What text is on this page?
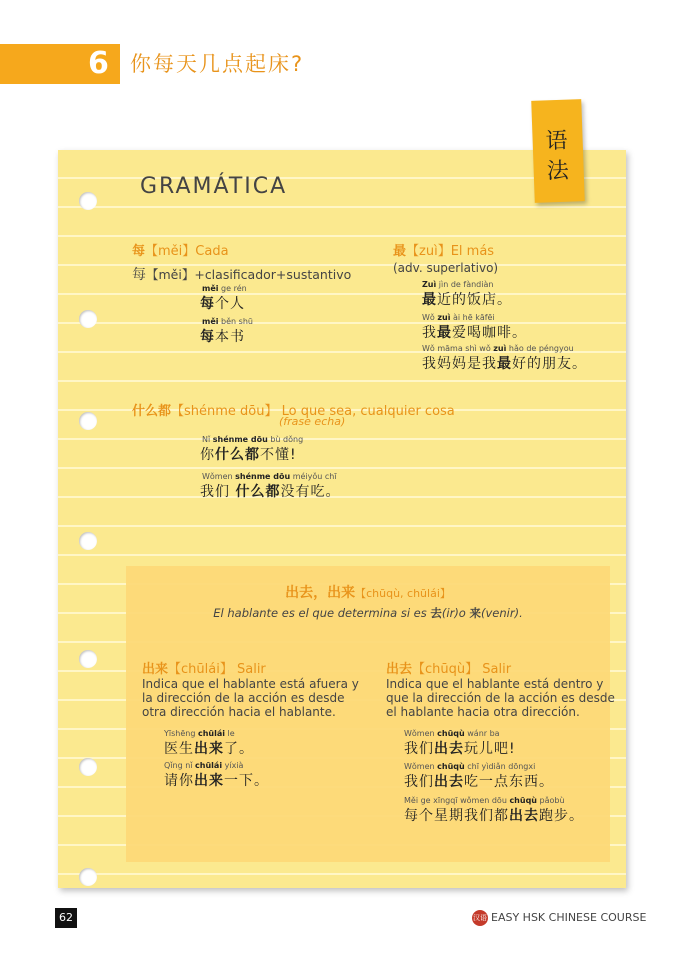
6 你每天几点起床?
语
法
GRAMÁTICA
每【měi】Cada
每【měi】+clasificador+sustantivo
měi ge rén
每个人
měi běn shū
每本书
最【zuì】El más
(adv. superlativo)
Zuì jìn de fàndiàn
最近的饭店。
Wǒ zuì ài hē kāfēi
我最爱喝咖啡。
Wǒ māma shì wǒ zuì hǎo de péngyou
我妈妈是我最好的朋友。
什么都【shénme dōu】 Lo que sea, cualquier cosa
(frase echa)
Nǐ shénme dōu bù dǒng
你什么都不懂!
Wǒmen shénme dōu méiyǒu chī
我们 什么都没有吃。
出去，出来【chūqù, chūlái】
El hablante es el que determina si es 去(ir)o 来(venir).
出来【chūlái】 Salir
Indica que el hablante está afuera y
la dirección de la acción es desde
otra dirección hacia el hablante.
Yīshēng chūlái le
医生出来了。
Qǐng nǐ chūlái yíxià
请你出来一下。
出去【chūqù】 Salir
Indica que el hablante está dentro y
que la dirección de la acción es desde
el hablante hacia otra dirección.
Wǒmen chūqù wánr ba
我们出去玩儿吧!
Wǒmen chūqù chī yìdiǎn dōngxi
我们出去吃一点东西。
Měi ge xīngqī wǒmen dōu chūqù pǎobù
每个星期我们都出去跑步。
62	汉语 EASY HSK CHINESE COURSE
